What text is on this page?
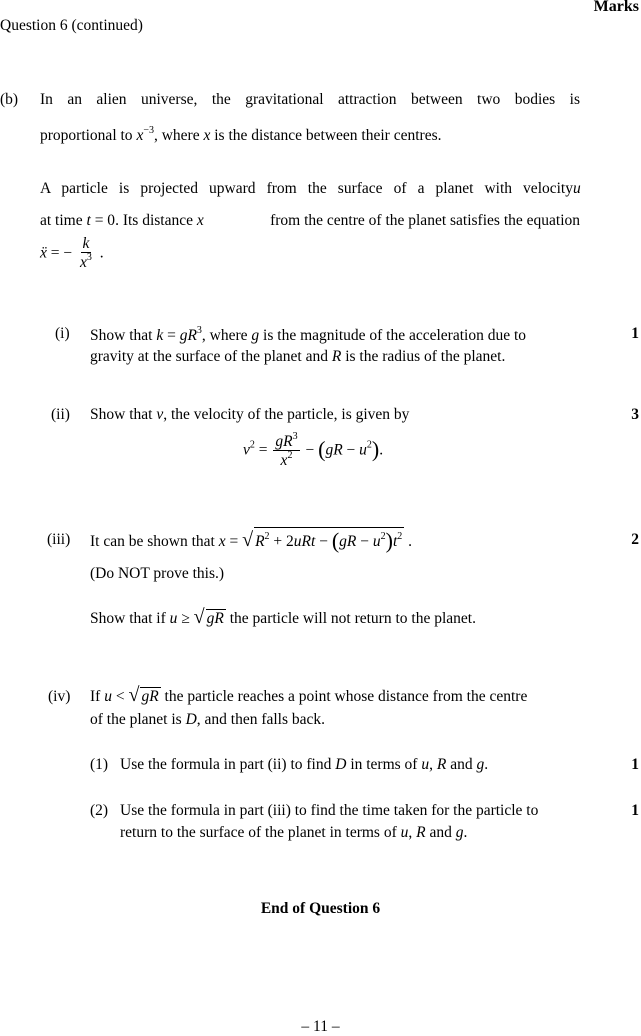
Marks
Question 6 (continued)
(b) In an alien universe, the gravitational attraction between two bodies is
proportional to $x^{-3}$, where x is the distance between their centres.
A particle is projected upward from the surface of a planet with velocityu
at time t = 0. Its distance x	from the centre of the planet satisfies the equation
ẍ = − $\frac{k}{x^3}$ .
(i) Show that $k = gR^3$, where g is the magnitude of the acceleration due to
gravity at the surface of the planet and R is the radius of the planet.
1
(ii) Show that v, the velocity of the particle, is given by	3
$v^2 = \frac{gR^3}{x^2} - (gR - u^2)$.
(iii) It can be shown that x = √ $R^2 + 2uRt - (gR - u^2)t^2$ .	2
(Do NOT prove this.)
Show that if u ≥ √ gR the particle will not return to the planet.
(iv) If u < √ gR the particle reaches a point whose distance from the centre
of the planet is D, and then falls back.
(1) Use the formula in part (ii) to find D in terms of u, R and g.	1
(2) Use the formula in part (iii) to find the time taken for the particle to
return to the surface of the planet in terms of u, R and g.
1
End of Question 6
– 11 –
